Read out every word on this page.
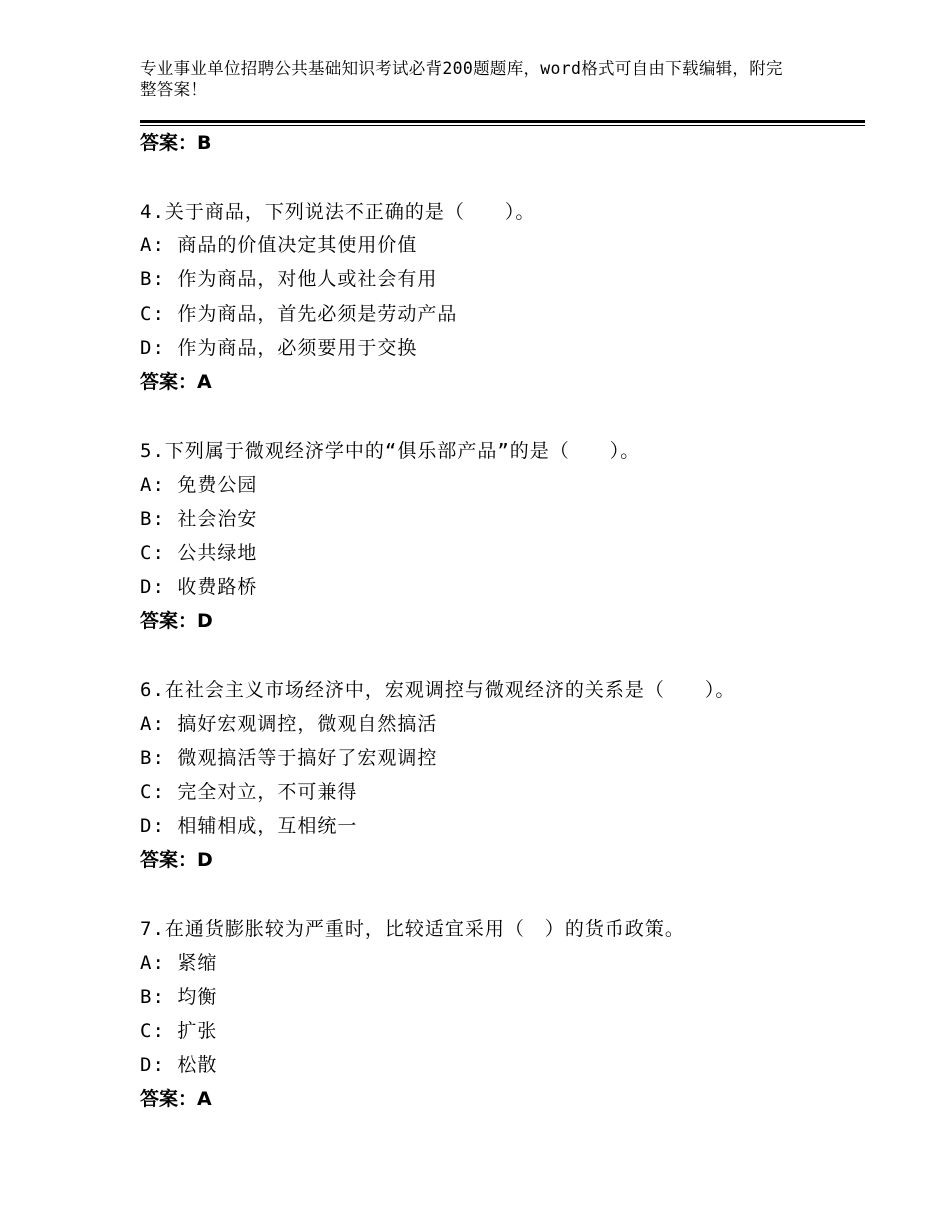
专业事业单位招聘公共基础知识考试必背200题题库，word格式可自由下载编辑，附完整答案！
答案：B
4.关于商品，下列说法不正确的是（　　）。
A: 商品的价值决定其使用价值
B: 作为商品，对他人或社会有用
C: 作为商品，首先必须是劳动产品
D: 作为商品，必须要用于交换
答案：A
5.下列属于微观经济学中的“俱乐部产品”的是（　　）。
A: 免费公园
B: 社会治安
C: 公共绿地
D: 收费路桥
答案：D
6.在社会主义市场经济中，宏观调控与微观经济的关系是（　　）。
A: 搞好宏观调控，微观自然搞活
B: 微观搞活等于搞好了宏观调控
C: 完全对立，不可兼得
D: 相辅相成，互相统一
答案：D
7.在通货膨胀较为严重时，比较适宜采用（　）的货币政策。
A: 紧缩
B: 均衡
C: 扩张
D: 松散
答案：A
